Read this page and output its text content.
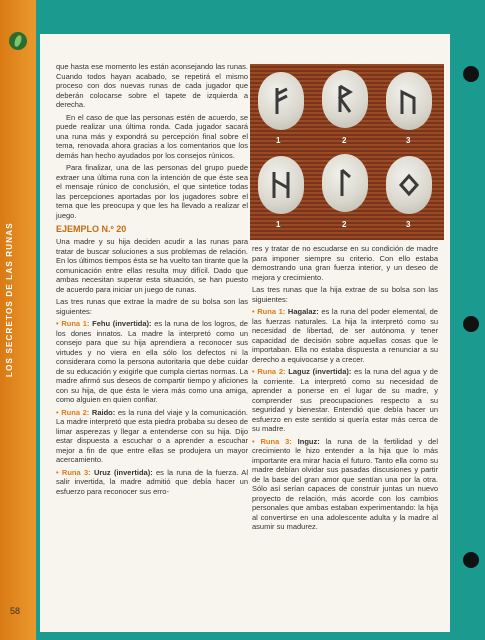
LOS SECRETOS DE LAS RUNAS
58

que hasta ese momento les están aconsejando las runas. Cuando todos hayan acabado, se repetirá el mismo proceso con dos nuevas runas de cada jugador que deberán colocarse sobre el tapete de izquierda a derecha.

En el caso de que las personas estén de acuerdo, se puede realizar una última ronda. Cada jugador sacará una runa más y expondrá su percepción final sobre el tema, renovada ahora gracias a los comentarios que los demás han hecho ayudados por los consejos rúnicos.

Para finalizar, una de las personas del grupo puede extraer una última runa con la intención de que éste sea el mensaje rúnico de conclusión, el que sintetice todas las percepciones aportadas por los jugadores sobre el tema que les preocupa y que les ha llevado a realizar el juego.

EJEMPLO N.º 20

Una madre y su hija deciden acudir a las runas para tratar de buscar soluciones a sus problemas de relación. En los últimos tiempos ésta se ha vuelto tan tirante que la comunicación entre ellas resulta muy difícil. Dado que ambas necesitan superar esta situación, se han puesto de acuerdo para iniciar un juego de runas.

Las tres runas que extrae la madre de su bolsa son las siguientes:

• Runa 1: Fehu (invertida): es la runa de los logros, de los dones innatos. La madre la interpretó como un consejo para que su hija aprendiera a reconocer sus virtudes y no viera en ella sólo los defectos ni la considerara como la persona autoritaria que debe cuidar de su educación y exigirle que cumpla ciertas normas. La madre afirmó sus deseos de compartir tiempo y aficiones con su hija, de que ésta le viera más como una amiga, como alguien en quien confiar.

• Runa 2: Raido: es la runa del viaje y la comunicación. La madre interpretó que esta piedra probaba su deseo de limar asperezas y llegar a entenderse con su hija. Dijo estar dispuesta a escuchar o a aprender a escuchar mejor a fin de que entre ellas se produjera un mayor acercamiento.

• Runa 3: Uruz (invertida): es la runa de la fuerza. Al salir invertida, la madre admitió que debía hacer un esfuerzo para reconocer sus erro-

1	2	3
1	2	3

res y tratar de no escudarse en su condición de madre para imponer siempre su criterio. Con ello estaba demostrando una gran fuerza interior, y un deseo de mejora y crecimiento.

Las tres runas que la hija extrae de su bolsa son las siguientes:

• Runa 1: Hagalaz: es la runa del poder elemental, de las fuerzas naturales. La hija la interpretó como su necesidad de libertad, de ser autónoma y tener capacidad de decisión sobre aquellas cosas que le importaban. Ella no estaba dispuesta a renunciar a su derecho a equivocarse y a crecer.

• Runa 2: Laguz (invertida): es la runa del agua y de la corriente. La interpretó como su necesidad de aprender a ponerse en el lugar de su madre, y comprender sus preocupaciones respecto a su seguridad y bienestar. Entendió que debía hacer un esfuerzo en este sentido si quería estar más cerca de su madre.

• Runa 3: Inguz: la runa de la fertilidad y del crecimiento le hizo entender a la hija que lo más importante era mirar hacia el futuro. Tanto ella como su madre debían olvidar sus pasadas discusiones y partir de la base del gran amor que sentían una por la otra. Sólo así serían capaces de construir juntas un nuevo proyecto de relación, más acorde con los cambios personales que ambas estaban experimentando: la hija al convertirse en una adolescente adulta y la madre al asumir su madurez.
